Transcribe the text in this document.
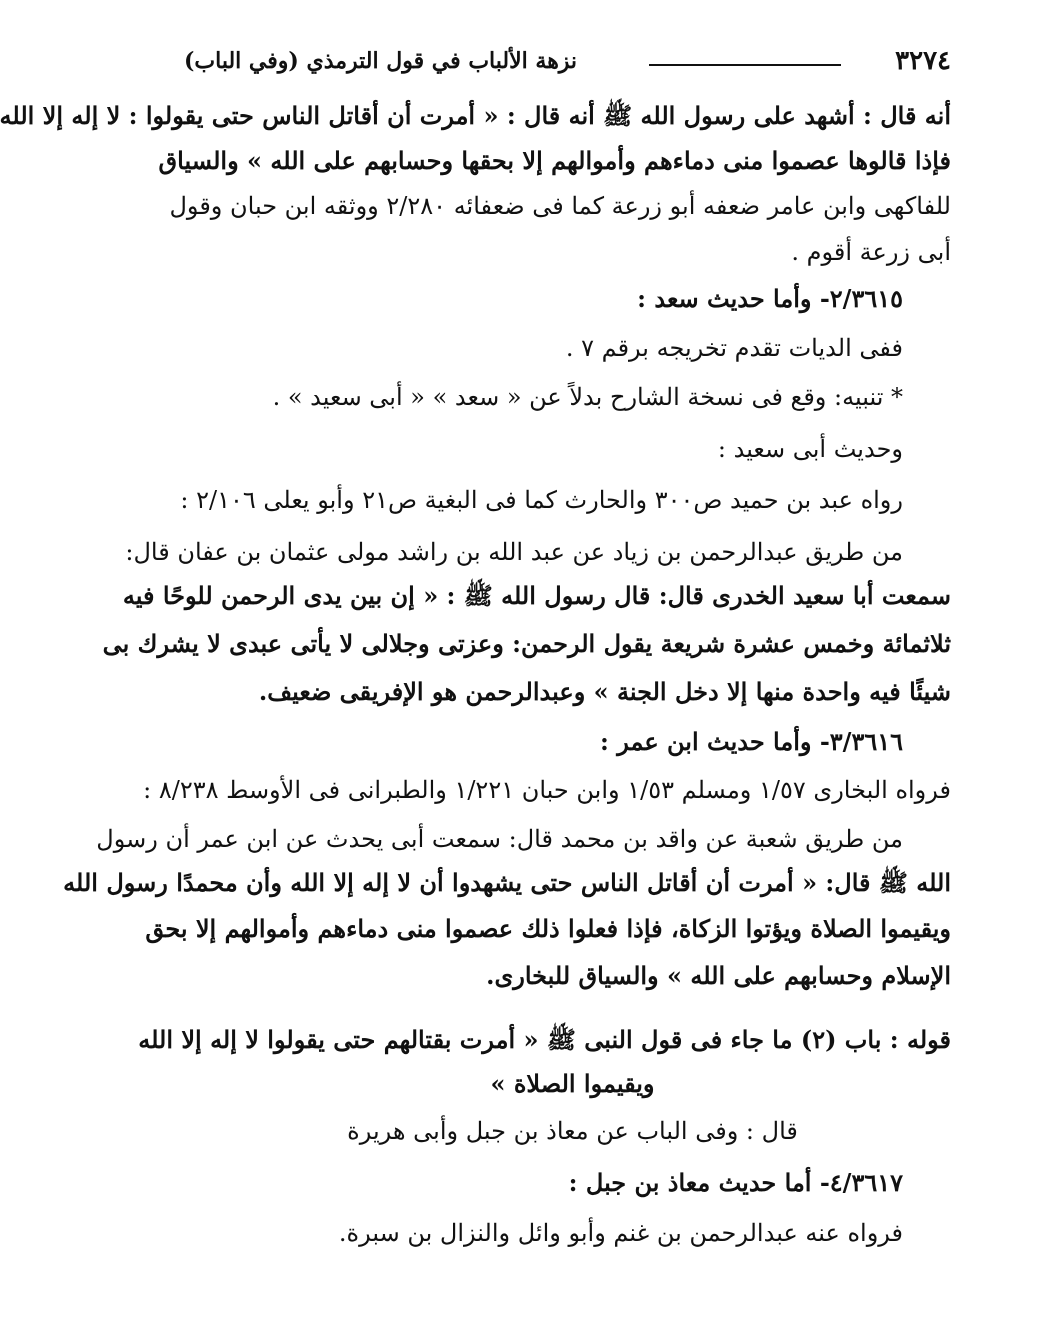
٣٢٧٤
نزهة الألباب في قول الترمذي (وفي الباب)
أنه قال : أشهد على رسول الله ﷺ أنه قال : « أمرت أن أقاتل الناس حتى يقولوا : لا إله إلا الله
فإذا قالوها عصموا منى دماءهم وأموالهم إلا بحقها وحسابهم على الله » والسياق
للفاكهى وابن عامر ضعفه أبو زرعة كما فى ضعفائه ٢/٢٨٠ ووثقه ابن حبان وقول
أبى زرعة أقوم .
٢/٣٦١٥- وأما حديث سعد :
ففى الديات تقدم تخريجه برقم ٧ .
* تنبيه: وقع فى نسخة الشارح بدلاً عن « سعد » « أبى سعيد » .
وحديث أبى سعيد :
رواه عبد بن حميد ص٣٠٠ والحارث كما فى البغية ص٢١ وأبو يعلى ٢/١٠٦ :
من طريق عبدالرحمن بن زياد عن عبد الله بن راشد مولى عثمان بن عفان قال:
سمعت أبا سعيد الخدرى قال: قال رسول الله ﷺ : « إن بين يدى الرحمن للوحًا فيه
ثلاثمائة وخمس عشرة شريعة يقول الرحمن: وعزتى وجلالى لا يأتى عبدى لا يشرك بى
شيئًا فيه واحدة منها إلا دخل الجنة » وعبدالرحمن هو الإفريقى ضعيف.
٣/٣٦١٦- وأما حديث ابن عمر :
فرواه البخارى ١/٥٧ ومسلم ١/٥٣ وابن حبان ١/٢٢١ والطبرانى فى الأوسط ٨/٢٣٨ :
من طريق شعبة عن واقد بن محمد قال: سمعت أبى يحدث عن ابن عمر أن رسول
الله ﷺ قال: « أمرت أن أقاتل الناس حتى يشهدوا أن لا إله إلا الله وأن محمدًا رسول الله
ويقيموا الصلاة ويؤتوا الزكاة، فإذا فعلوا ذلك عصموا منى دماءهم وأموالهم إلا بحق
الإسلام وحسابهم على الله » والسياق للبخارى.
قوله : باب (٢) ما جاء فى قول النبى ﷺ « أمرت بقتالهم حتى يقولوا لا إله إلا الله
ويقيموا الصلاة »
قال : وفى الباب عن معاذ بن جبل وأبى هريرة
٤/٣٦١٧- أما حديث معاذ بن جبل :
فرواه عنه عبدالرحمن بن غنم وأبو وائل والنزال بن سبرة.
